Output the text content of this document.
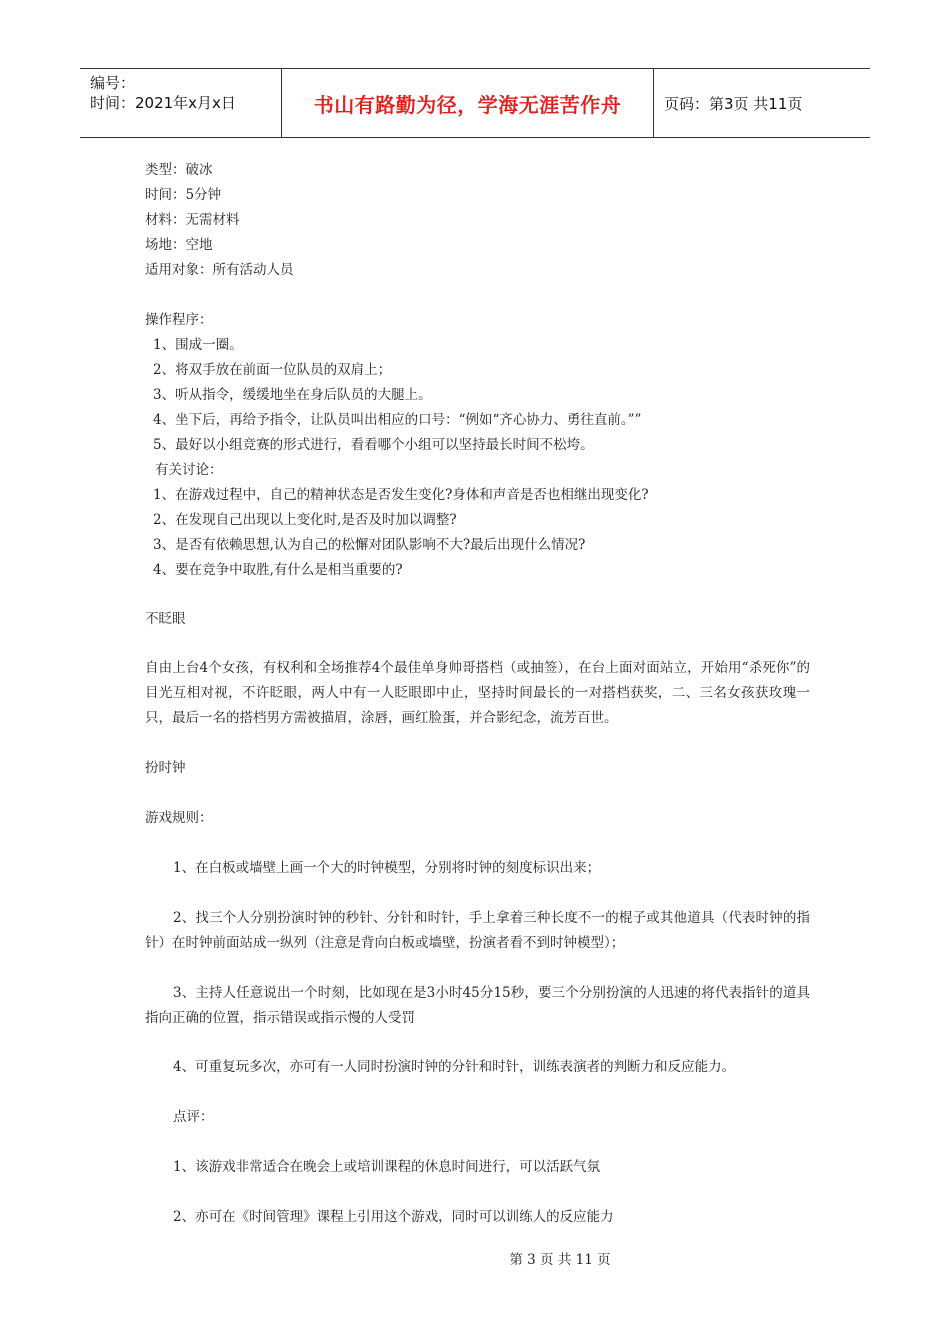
编号：
时间：2021年x月x日	书山有路勤为径，学海无涯苦作舟	页码：第3页 共11页
类型：破冰
时间：5分钟
材料：无需材料
场地：空地
适用对象：所有活动人员
操作程序：
1、围成一圈。
2、将双手放在前面一位队员的双肩上；
3、听从指令，缓缓地坐在身后队员的大腿上。
4、坐下后，再给予指令，让队员叫出相应的口号：“例如“齐心协力、勇往直前。””
5、最好以小组竞赛的形式进行，看看哪个小组可以坚持最长时间不松垮。
有关讨论：
1、在游戏过程中，自己的精神状态是否发生变化?身体和声音是否也相继出现变化?
2、在发现自己出现以上变化时,是否及时加以调整?
3、是否有依赖思想,认为自己的松懈对团队影响不大?最后出现什么情况?
4、要在竞争中取胜,有什么是相当重要的?
不眨眼
自由上台4个女孩，有权利和全场推荐4个最佳单身帅哥搭档（或抽签），在台上面对面站立，开始用“杀死你”的目光互相对视，不许眨眼，两人中有一人眨眼即中止，坚持时间最长的一对搭档获奖，二、三名女孩获玫瑰一只，最后一名的搭档男方需被描眉，涂唇，画红脸蛋，并合影纪念，流芳百世。
扮时钟
游戏规则：
1、在白板或墙壁上画一个大的时钟模型，分别将时钟的刻度标识出来；
2、找三个人分别扮演时钟的秒针、分针和时针，手上拿着三种长度不一的棍子或其他道具（代表时钟的指针）在时钟前面站成一纵列（注意是背向白板或墙壁，扮演者看不到时钟模型）；
3、主持人任意说出一个时刻，比如现在是3小时45分15秒，要三个分别扮演的人迅速的将代表指针的道具指向正确的位置，指示错误或指示慢的人受罚
4、可重复玩多次，亦可有一人同时扮演时钟的分针和时针，训练表演者的判断力和反应能力。
点评：
1、该游戏非常适合在晚会上或培训课程的休息时间进行，可以活跃气氛
2、亦可在《时间管理》课程上引用这个游戏，同时可以训练人的反应能力
第 3 页 共 11 页
